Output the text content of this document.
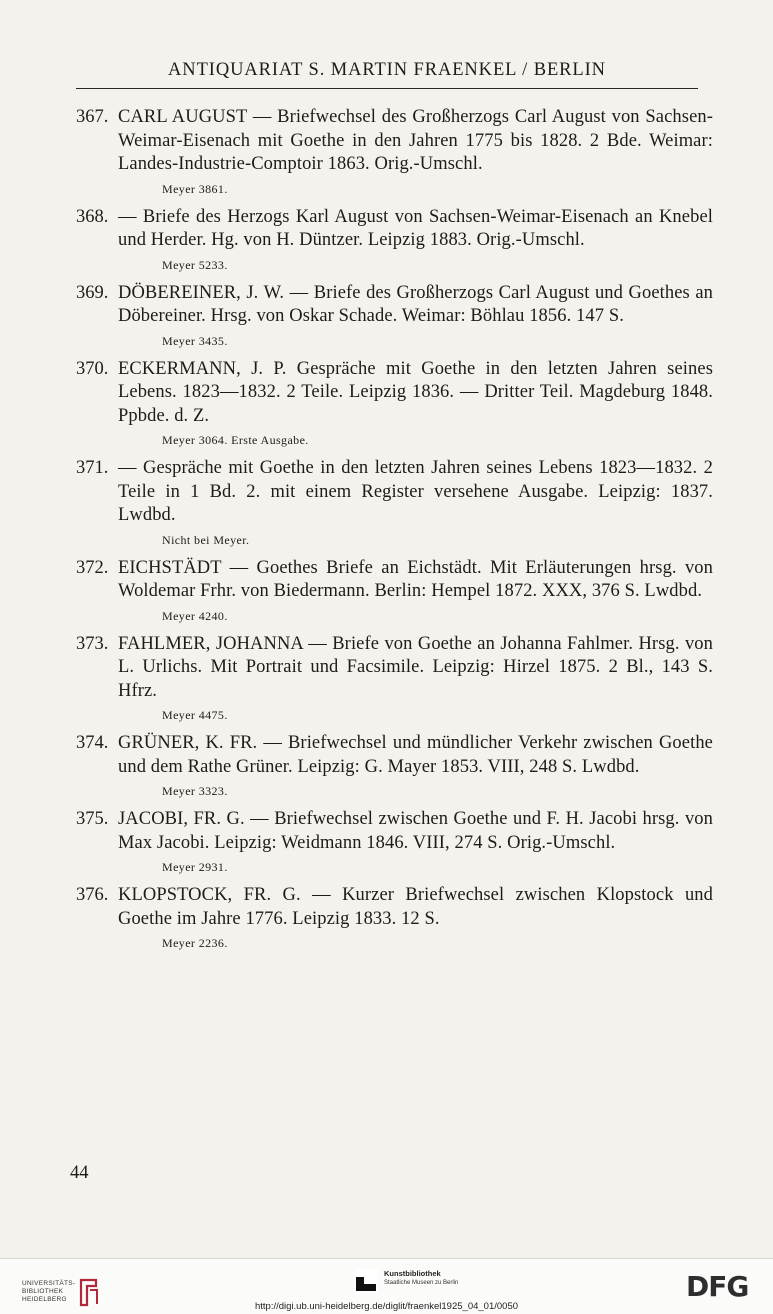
ANTIQUARIAT S. MARTIN FRAENKEL / BERLIN
367. CARL AUGUST — Briefwechsel des Großherzogs Carl August von Sachsen-Weimar-Eisenach mit Goethe in den Jahren 1775 bis 1828. 2 Bde. Weimar: Landes-Industrie-Comptoir 1863. Orig.-Umschl.
Meyer 3861.
368. — Briefe des Herzogs Karl August von Sachsen-Weimar-Eisenach an Knebel und Herder. Hg. von H. Düntzer. Leipzig 1883. Orig.-Umschl.
Meyer 5233.
369. DÖBEREINER, J. W. — Briefe des Großherzogs Carl August und Goethes an Döbereiner. Hrsg. von Oskar Schade. Weimar: Böhlau 1856. 147 S.
Meyer 3435.
370. ECKERMANN, J. P. Gespräche mit Goethe in den letzten Jahren seines Lebens. 1823—1832. 2 Teile. Leipzig 1836. — Dritter Teil. Magdeburg 1848. Ppbde. d. Z.
Meyer 3064. Erste Ausgabe.
371. — Gespräche mit Goethe in den letzten Jahren seines Lebens 1823—1832. 2 Teile in 1 Bd. 2. mit einem Register versehene Ausgabe. Leipzig: 1837. Lwdbd.
Nicht bei Meyer.
372. EICHSTÄDT — Goethes Briefe an Eichstädt. Mit Erläuterungen hrsg. von Woldemar Frhr. von Biedermann. Berlin: Hempel 1872. XXX, 376 S. Lwdbd.
Meyer 4240.
373. FAHLMER, JOHANNA — Briefe von Goethe an Johanna Fahlmer. Hrsg. von L. Urlichs. Mit Portrait und Facsimile. Leipzig: Hirzel 1875. 2 Bl., 143 S. Hfrz.
Meyer 4475.
374. GRÜNER, K. FR. — Briefwechsel und mündlicher Verkehr zwischen Goethe und dem Rathe Grüner. Leipzig: G. Mayer 1853. VIII, 248 S. Lwdbd.
Meyer 3323.
375. JACOBI, FR. G. — Briefwechsel zwischen Goethe und F. H. Jacobi hrsg. von Max Jacobi. Leipzig: Weidmann 1846. VIII, 274 S. Orig.-Umschl.
Meyer 2931.
376. KLOPSTOCK, FR. G. — Kurzer Briefwechsel zwischen Klopstock und Goethe im Jahre 1776. Leipzig 1833. 12 S.
Meyer 2236.
44
UNIVERSITÄTS-BIBLIOTHEK HEIDELBERG
Kunstbibliothek
Staatliche Museen zu Berlin	DFG
http://digi.ub.uni-heidelberg.de/diglit/fraenkel1925_04_01/0050
